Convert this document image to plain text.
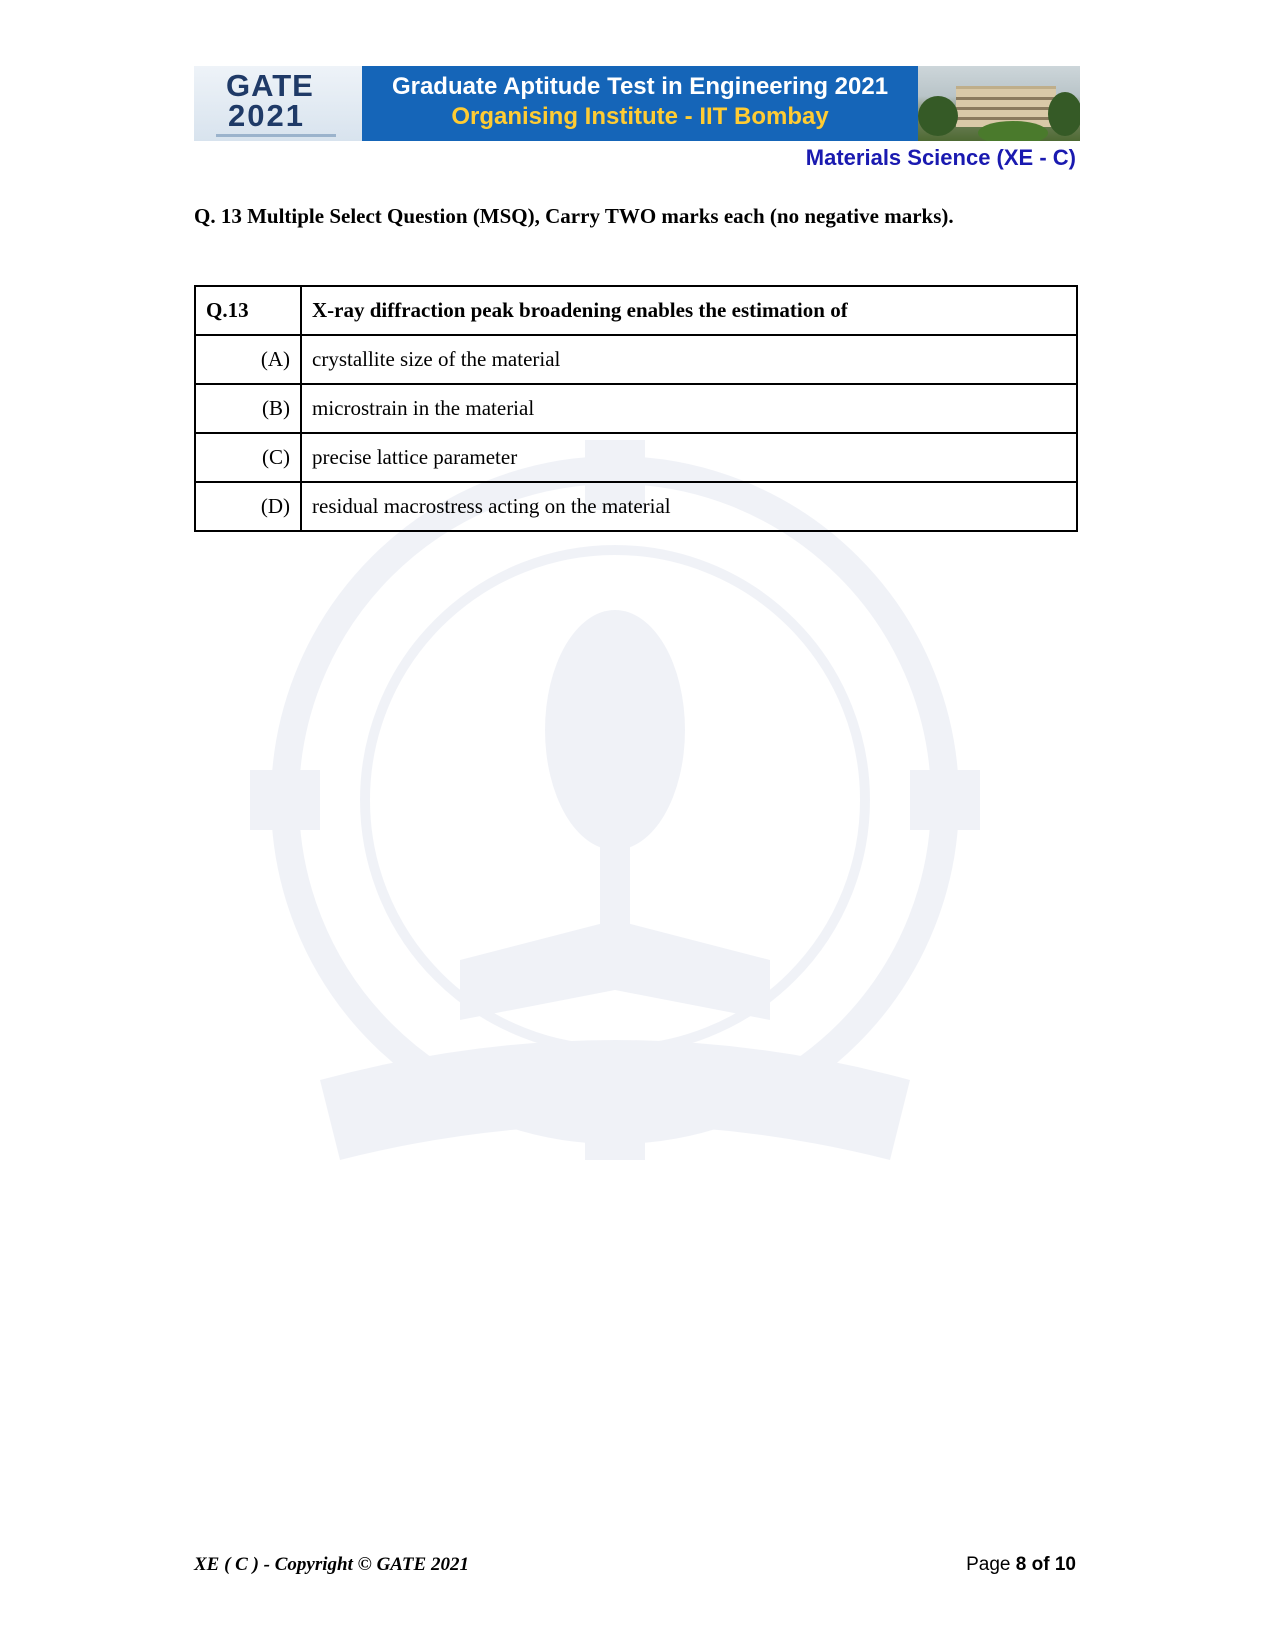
GATE
2021
Graduate Aptitude Test in Engineering 2021
Organising Institute - IIT Bombay
Materials Science (XE - C)
Q. 13 Multiple Select Question (MSQ), Carry TWO marks each (no negative marks).
Q.13	X-ray diffraction peak broadening enables the estimation of
(A)	crystallite size of the material
(B)	microstrain in the material
(C)	precise lattice parameter
(D)	residual macrostress acting on the material
XE ( C ) - Copyright © GATE 2021	Page 8 of 10
